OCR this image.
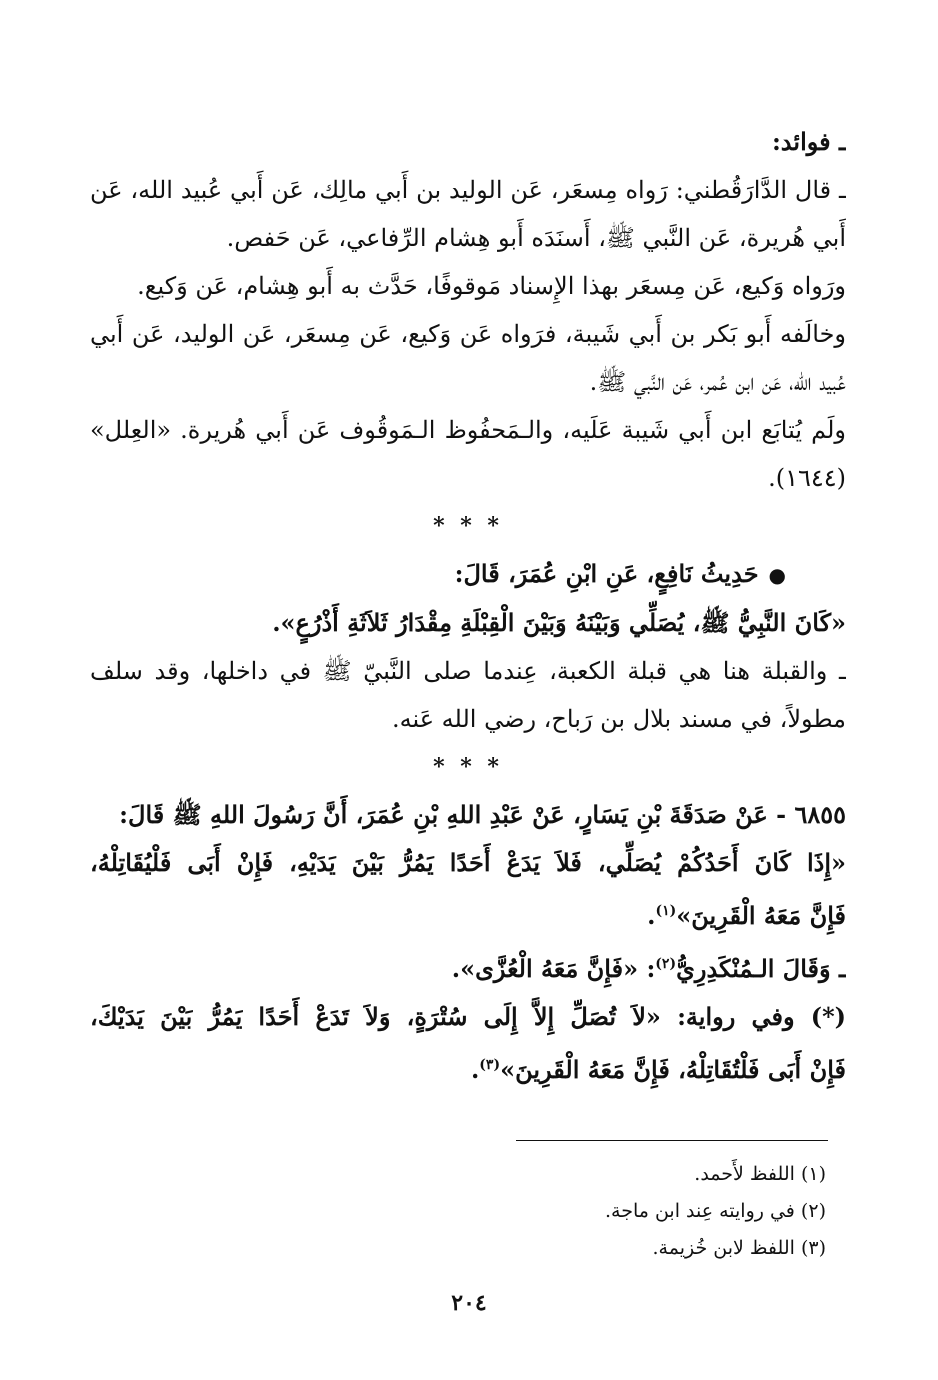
ـ فوائد:

ـ قال الدَّارَقُطني: رَواه مِسعَر، عَن الوليد بن أَبي مالِك، عَن أَبي عُبيد الله، عَن

أَبي هُريرة، عَن النَّبي ﷺ، أَسنَدَه أَبو هِشام الرِّفاعي، عَن حَفص.

ورَواه وَكيع، عَن مِسعَر بهذا الإِسناد مَوقوفًا، حَدَّث به أَبو هِشام، عَن وَكيع.

وخالَفه أَبو بَكر بن أَبي شَيبة، فرَواه عَن وَكيع، عَن مِسعَر، عَن الوليد، عَن أَبي

عُبيد الله، عَن ابن عُمر، عَن النَّبي ﷺ.

ولَم يُتابَع ابن أَبي شَيبة عَلَيه، والـمَحفُوظ الـمَوقُوف عَن أَبي هُريرة. «العِلل»

(١٦٤٤).

* * *

●حَدِيثُ نَافِعٍ، عَنِ ابْنِ عُمَرَ، قَالَ:

«كَانَ النَّبِيُّ ﷺ، يُصَلِّي وَبَيْنَهُ وَبَيْنَ الْقِبْلَةِ مِقْدَارُ ثَلاَثَةِ أَذْرُعٍ».

ـ والقبلة هنا هي قبلة الكعبة، عِندما صلى النَّبيّ ﷺ في داخلها، وقد سلف

مطولاً، في مسند بلال بن رَباح، رضي الله عَنه.

* * *

٦٨٥٥ - عَنْ صَدَقَةَ بْنِ يَسَارٍ، عَنْ عَبْدِ اللهِ بْنِ عُمَرَ، أَنَّ رَسُولَ اللهِ ﷺ قَالَ:

«إِذَا كَانَ أَحَدُكُمْ يُصَلِّي، فَلاَ يَدَعْ أَحَدًا يَمُرُّ بَيْنَ يَدَيْهِ، فَإِنْ أَبَى فَلْيُقَاتِلْهُ،

فَإِنَّ مَعَهُ الْقَرِينَ»$^{(١)}$.

ـ وَقَالَ الـمُنْكَدِرِيُّ$^{(٢)}$: «فَإِنَّ مَعَهُ الْعُزَّى».

(*) وفي رواية: «لاَ تُصَلِّ إِلاَّ إِلَى سُتْرَةٍ، وَلاَ تَدَعْ أَحَدًا يَمُرُّ بَيْنَ يَدَيْكَ،

فَإِنْ أَبَى فَلْتُقَاتِلْهُ، فَإِنَّ مَعَهُ الْقَرِينَ»$^{(٣)}$.

(١) اللفظ لأَحمد.
(٢) في روايته عِند ابن ماجة.
(٣) اللفظ لابن خُزيمة.
٢٠٤
